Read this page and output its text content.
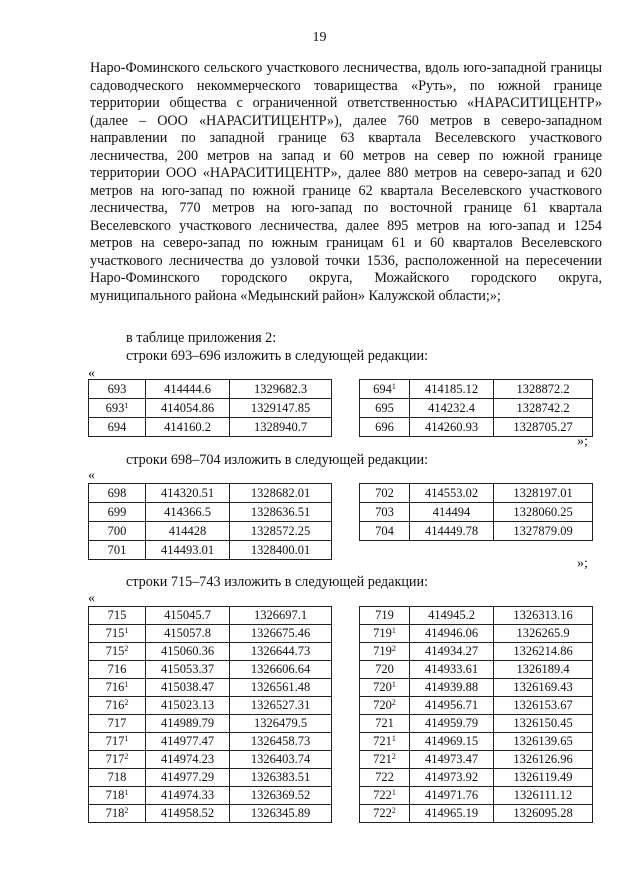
19

Наро-Фоминского сельского участкового лесничества, вдоль юго-западной границы садоводческого некоммерческого товарищества «Руть», по южной границе территории общества с ограниченной ответственностью «НАРАСИТИЦЕНТР» (далее – ООО «НАРАСИТИЦЕНТР»), далее 760 метров в северо-западном направлении по западной границе 63 квартала Веселевского участкового лесничества, 200 метров на запад и 60 метров на север по южной границе территории ООО «НАРАСИТИЦЕНТР», далее 880 метров на северо-запад и 620 метров на юго-запад по южной границе 62 квартала Веселевского участкового лесничества, 770 метров на юго-запад по восточной границе 61 квартала Веселевского участкового лесничества, далее 895 метров на юго-запад и 1254 метров на северо-запад по южным границам 61 и 60 кварталов Веселевского участкового лесничества до узловой точки 1536, расположенной на пересечении Наро-Фоминского городского округа, Можайского городского округа, муниципального района «Медынский район» Калужской области;»;

в таблице приложения 2:
строки 693–696 изложить в следующей редакции:
«
693	414444.6	1329682.3
$693^1$	414054.86	1329147.85
694	414160.2	1328940.7
$694^1$	414185.12	1328872.2
695	414232.4	1328742.2
696	414260.93	1328705.27
»;
строки 698–704 изложить в следующей редакции:
«
698	414320.51	1328682.01
699	414366.5	1328636.51
700	414428	1328572.25
701	414493.01	1328400.01
702	414553.02	1328197.01
703	414494	1328060.25
704	414449.78	1327879.09
»;
строки 715–743 изложить в следующей редакции:
«
715	415045.7	1326697.1
$715^1$	415057.8	1326675.46
$715^2$	415060.36	1326644.73
716	415053.37	1326606.64
$716^1$	415038.47	1326561.48
$716^2$	415023.13	1326527.31
717	414989.79	1326479.5
$717^1$	414977.47	1326458.73
$717^2$	414974.23	1326403.74
718	414977.29	1326383.51
$718^1$	414974.33	1326369.52
$718^2$	414958.52	1326345.89
719	414945.2	1326313.16
$719^1$	414946.06	1326265.9
$719^2$	414934.27	1326214.86
720	414933.61	1326189.4
$720^1$	414939.88	1326169.43
$720^2$	414956.71	1326153.67
721	414959.79	1326150.45
$721^1$	414969.15	1326139.65
$721^2$	414973.47	1326126.96
722	414973.92	1326119.49
$722^1$	414971.76	1326111.12
$722^2$	414965.19	1326095.28
